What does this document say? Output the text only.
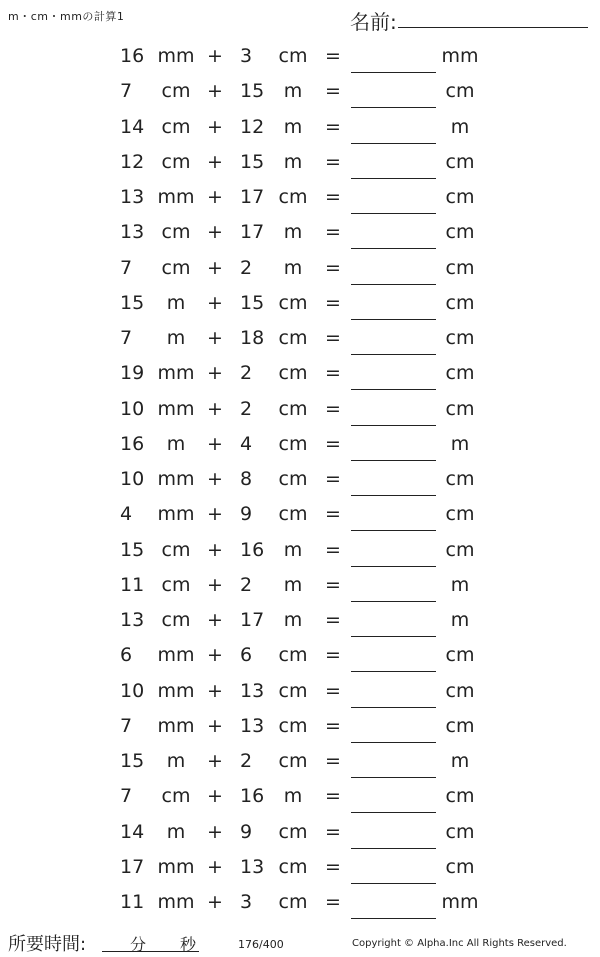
m・cm・mmの計算1	名前:
16 mm + 3	cm =	mm
7	cm + 15	m	=	cm
14 cm + 12	m	=	m
12 cm + 15	m	=	cm
13 mm + 17 cm =	cm
13 cm + 17	m	=	cm
7	cm + 2	m	=	cm
15	m	+ 15 cm =	cm
7	m	+ 18 cm =	cm
19 mm + 2	cm =	cm
10 mm + 2	cm =	cm
16	m	+ 4	cm =	m
10 mm + 8	cm =	cm
4	mm + 9	cm =	cm
15 cm + 16	m	=	cm
11 cm + 2	m	=	m
13 cm + 17	m	=	m
6	mm + 6	cm =	cm
10 mm + 13 cm =	cm
7	mm + 13 cm =	cm
15	m	+ 2	cm =	m
7	cm + 16	m	=	cm
14	m	+ 9	cm =	cm
17 mm + 13 cm =	cm
11 mm + 3	cm =	mm
所要時間:	分 秒	176/400	Copyright © Alpha.Inc All Rights Reserved.
